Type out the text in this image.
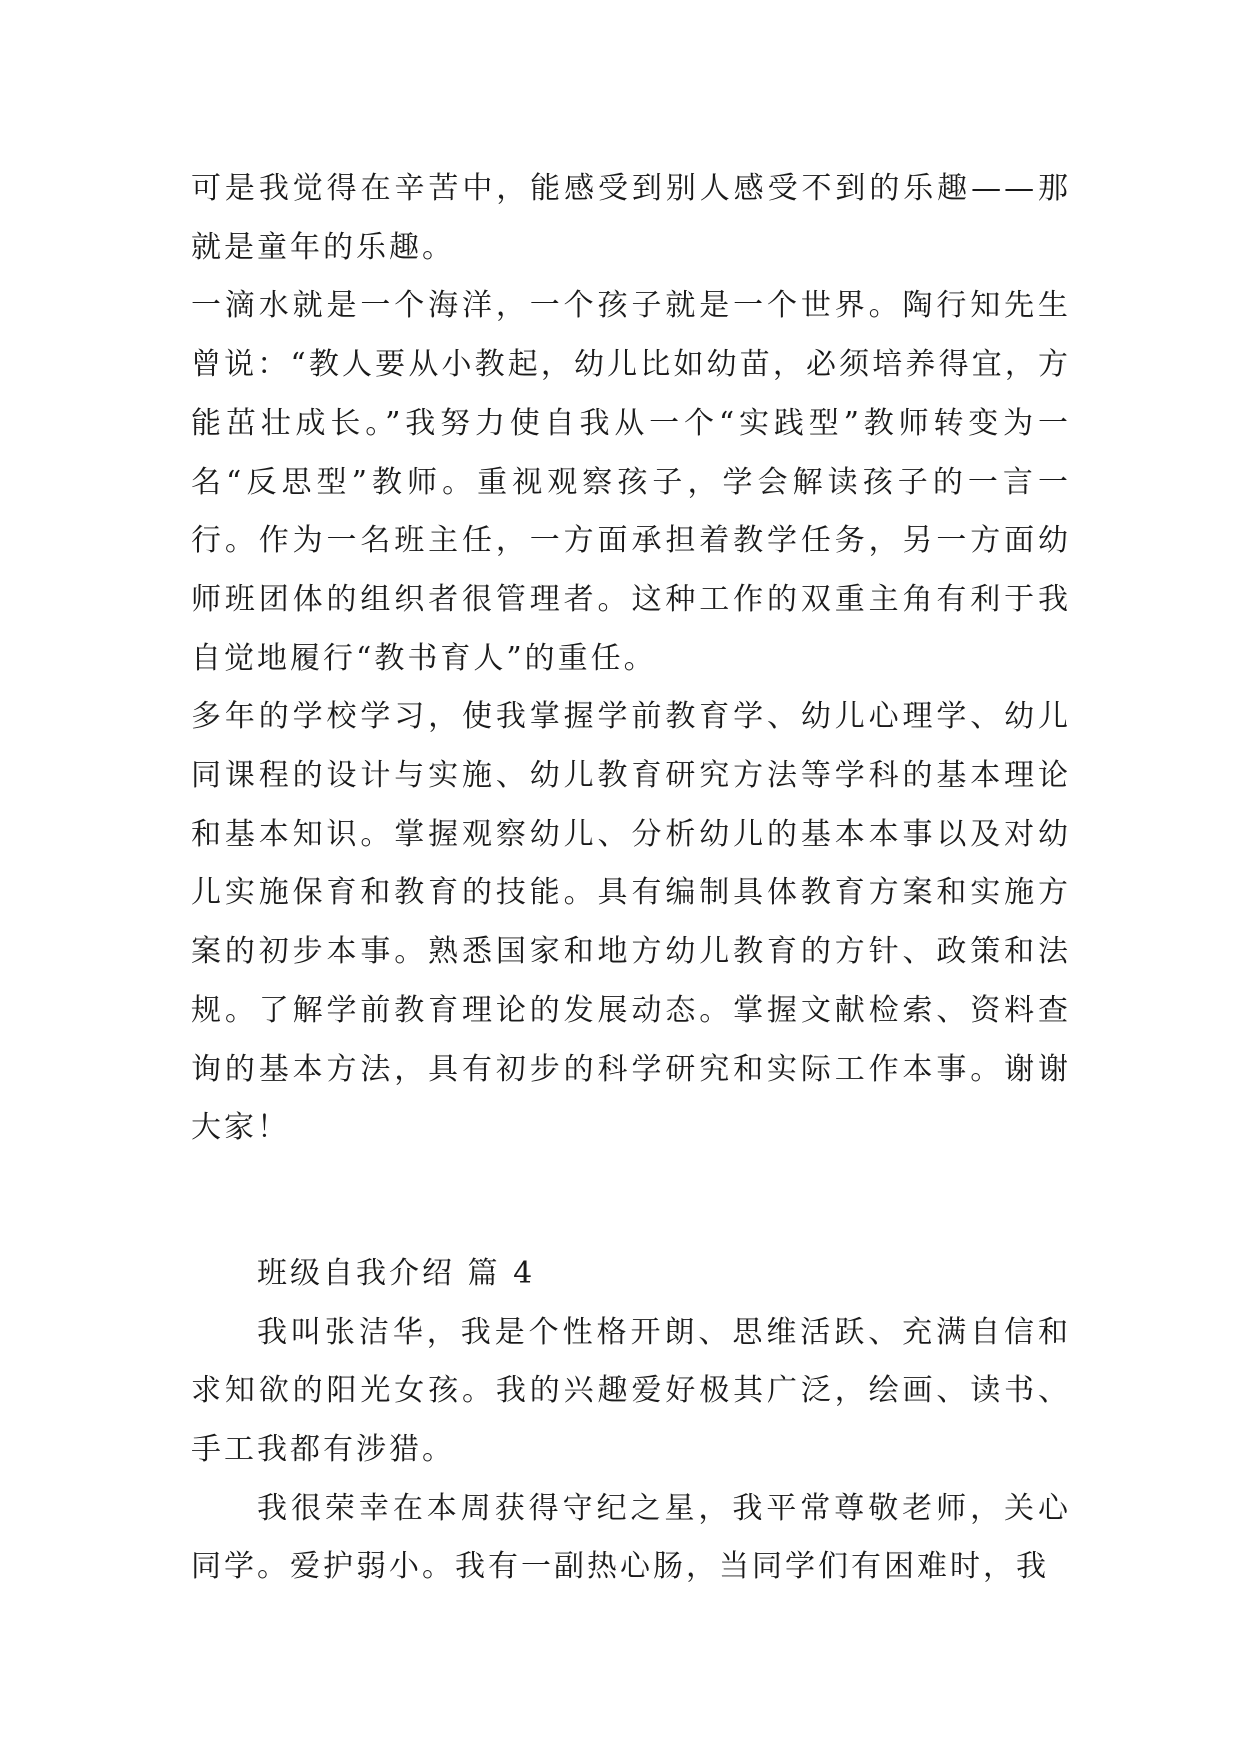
可是我觉得在辛苦中，能感受到别人感受不到的乐趣——那就是童年的乐趣。

一滴水就是一个海洋，一个孩子就是一个世界。陶行知先生曾说：“教人要从小教起，幼儿比如幼苗，必须培养得宜，方能茁壮成长。”我努力使自我从一个“实践型”教师转变为一名“反思型”教师。重视观察孩子，学会解读孩子的一言一行。作为一名班主任，一方面承担着教学任务，另一方面幼师班团体的组织者很管理者。这种工作的双重主角有利于我自觉地履行“教书育人”的重任。

多年的学校学习，使我掌握学前教育学、幼儿心理学、幼儿同课程的设计与实施、幼儿教育研究方法等学科的基本理论和基本知识。掌握观察幼儿、分析幼儿的基本本事以及对幼儿实施保育和教育的技能。具有编制具体教育方案和实施方案的初步本事。熟悉国家和地方幼儿教育的方针、政策和法规。了解学前教育理论的发展动态。掌握文献检索、资料查询的基本方法，具有初步的科学研究和实际工作本事。谢谢大家！

班级自我介绍 篇 4

我叫张洁华，我是个性格开朗、思维活跃、充满自信和求知欲的阳光女孩。我的兴趣爱好极其广泛，绘画、读书、手工我都有涉猎。

我很荣幸在本周获得守纪之星，我平常尊敬老师，关心同学。爱护弱小。我有一副热心肠，当同学们有困难时，我
